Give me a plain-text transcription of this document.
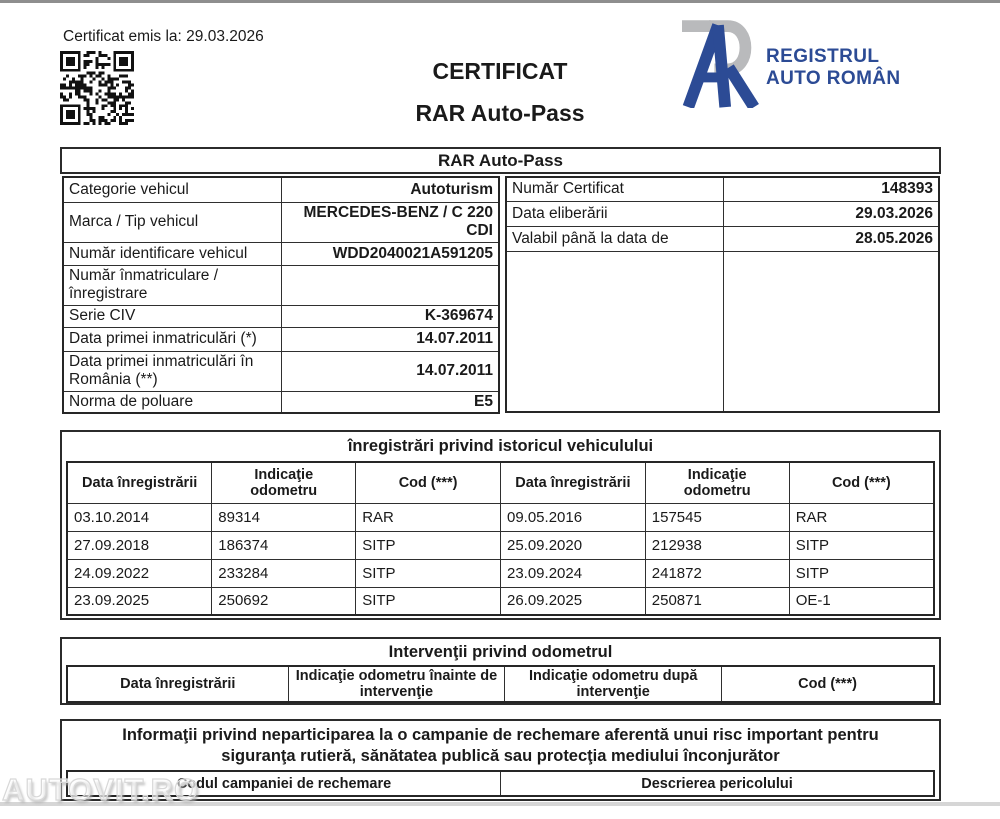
Certificat emis la: 29.03.2026
CERTIFICAT
RAR Auto-Pass
REGISTRUL
AUTO ROMÂN
RAR Auto-Pass
Categorie vehicul	Autoturism
Marca / Tip vehicul	MERCEDES-BENZ / C 220 CDI
Număr identificare vehicul	WDD2040021A591205
Număr înmatriculare / înregistrare	
Serie CIV	K-369674
Data primei inmatriculări (*)	14.07.2011
Data primei inmatriculări în România (**)	14.07.2011
Norma de poluare	E5
Număr Certificat	148393
Data eliberării	29.03.2026
Valabil până la data de	28.05.2026

înregistrări privind istoricul vehiculului
Data înregistrării	Indicaţie odometru	Cod (***)	Data înregistrării	Indicaţie odometru	Cod (***)
03.10.2014	89314	RAR	09.05.2016	157545	RAR
27.09.2018	186374	SITP	25.09.2020	212938	SITP
24.09.2022	233284	SITP	23.09.2024	241872	SITP
23.09.2025	250692	SITP	26.09.2025	250871	OE-1
Intervenţii privind odometrul
Data înregistrării	Indicaţie odometru înainte de intervenţie	Indicaţie odometru după intervenţie	Cod (***)
Informaţii privind neparticiparea la o campanie de rechemare aferentă unui risc important pentru siguranţa rutieră, sănătatea publică sau protecţia mediului înconjurător
Codul campaniei de rechemare	Descrierea pericolului
AUTOVIT.RO
